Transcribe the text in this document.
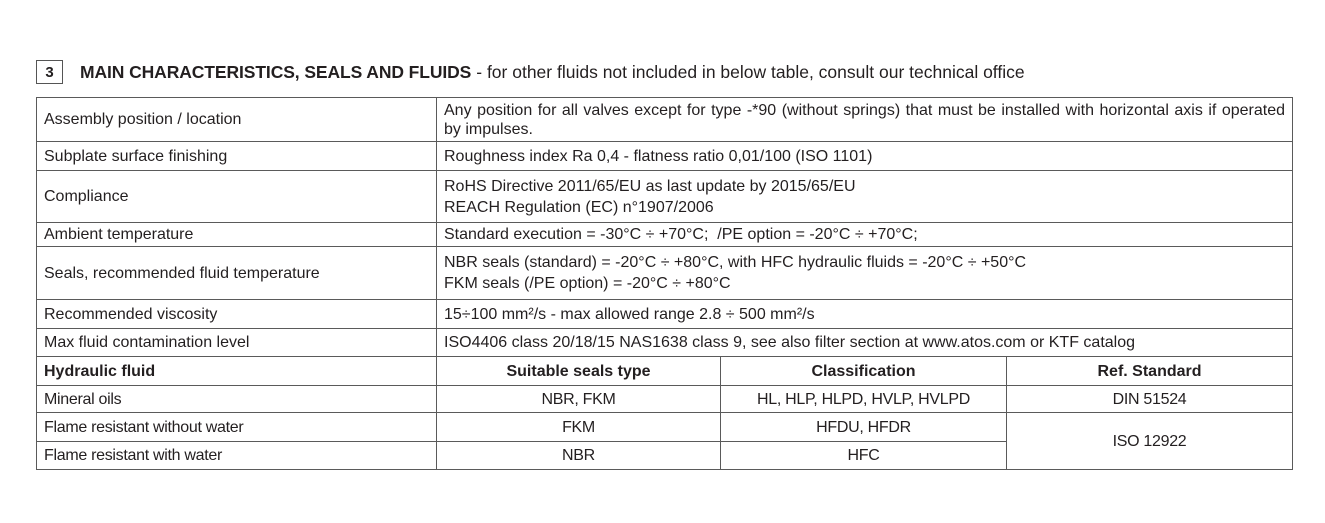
3	MAIN CHARACTERISTICS, SEALS AND FLUIDS - for other fluids not included in below table, consult our technical office
Assembly position / location	Any position for all valves except for type -*90 (without springs) that must be installed with horizontal axis if operated by impulses.		
Subplate surface finishing	Roughness index Ra 0,4 - flatness ratio 0,01/100 (ISO 1101)		
Compliance	RoHS Directive 2011/65/EU as last update by 2015/65/EU
REACH Regulation (EC) n°1907/2006		

Ambient temperature	Standard execution = -30°C ÷ +70°C;  /PE option = -20°C ÷ +70°C;		
Seals, recommended fluid temperature	NBR seals (standard) = -20°C ÷ +80°C, with HFC hydraulic fluids = -20°C ÷ +50°C
FKM seals (/PE option) = -20°C ÷ +80°C		

Recommended viscosity	15÷100 mm²/s - max allowed range 2.8 ÷ 500 mm²/s		
Max fluid contamination level	ISO4406 class 20/18/15 NAS1638 class 9, see also filter section at www.atos.com or KTF catalog		
Hydraulic fluid	Suitable seals type	Classification	Ref. Standard
Mineral oils	NBR, FKM	HL, HLP, HLPD, HVLP, HVLPD	DIN 51524
Flame resistant without water	FKM	HFDU, HFDR	ISO 12922
Flame resistant with water	NBR	HFC	
